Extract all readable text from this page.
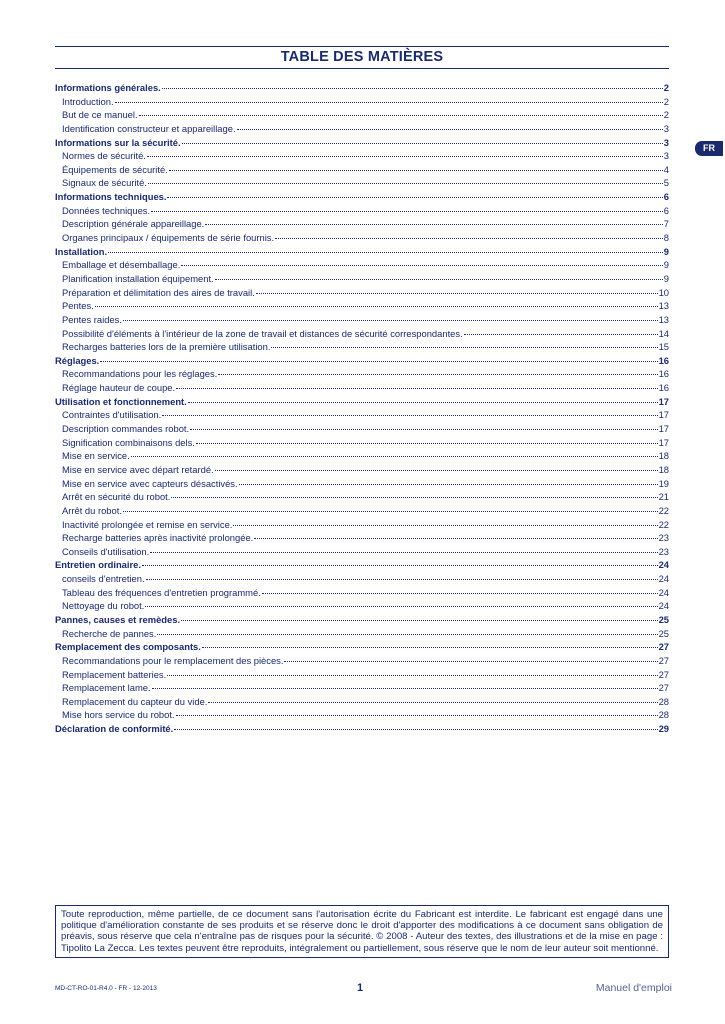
TABLE DES MATIÈRES
FR
Informations générales.	2
Introduction.	2
But de ce manuel.	2
Identification constructeur et appareillage.	3
Informations sur la sécurité.	3
Normes de sécurité.	3
Équipements de sécurité.	4
Signaux de sécurité.	5
Informations techniques.	6
Données techniques.	6
Description générale appareillage.	7
Organes principaux / équipements de série fournis.	8
Installation.	9
Emballage et désemballage.	9
Planification installation équipement.	9
Préparation et délimitation des aires de travail.	10
Pentes.	13
Pentes raides.	13
Possibilité d'éléments à l'intérieur de la zone de travail et distances de sécurité correspondantes.	14
Recharges batteries lors de la première utilisation.	15
Réglages.	16
Recommandations pour les réglages.	16
Réglage hauteur de coupe.	16
Utilisation et fonctionnement.	17
Contraintes d'utilisation.	17
Description commandes robot.	17
Signification combinaisons dels.	17
Mise en service.	18
Mise en service avec départ retardé.	18
Mise en service avec capteurs désactivés.	19
Arrêt en sécurité du robot.	21
Arrêt du robot.	22
Inactivité prolongée et remise en service.	22
Recharge batteries après inactivité prolongée.	23
Conseils d'utilisation.	23
Entretien ordinaire.	24
conseils d'entretien.	24
Tableau des fréquences d'entretien programmé.	24
Nettoyage du robot.	24
Pannes, causes et remèdes.	25
Recherche de pannes.	25
Remplacement des composants.	27
Recommandations pour le remplacement des pièces.	27
Remplacement batteries.	27
Remplacement lame.	27
Remplacement du capteur du vide.	28
Mise hors service du robot.	28
Déclaration de conformité.	29
Toute reproduction, même partielle, de ce document sans l'autorisation écrite du Fabricant est interdite. Le fabricant est engagé dans une politique d'amélioration constante de ses produits et se réserve donc le droit d'apporter des modifications à ce document sans obligation de préavis, sous réserve que cela n'entraîne pas de risques pour la sécurité. © 2008 - Auteur des textes, des illustrations et de la mise en page : Tipolito La Zecca. Les textes peuvent être reproduits, intégralement ou partiellement, sous réserve que le nom de leur auteur soit mentionné.
MD-CT-RO-01-R4.0 - FR - 12-2013	1	Manuel d'emploi
